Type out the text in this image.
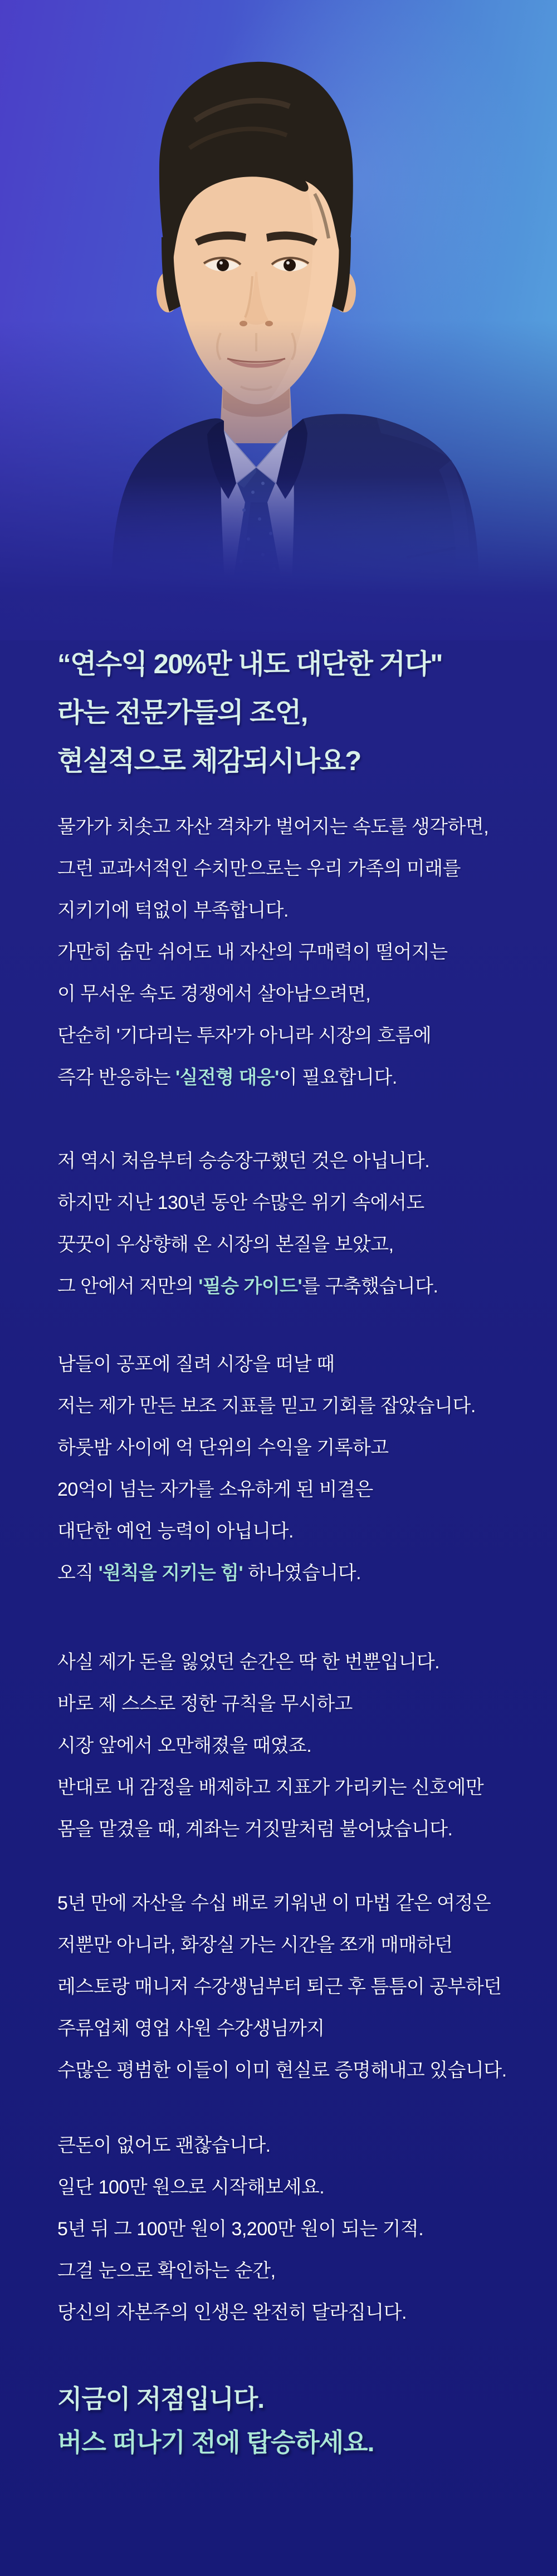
“연수익 20%만 내도 대단한 거다"
라는 전문가들의 조언,
현실적으로 체감되시나요?
물가가 치솟고 자산 격차가 벌어지는 속도를 생각하면,
그런 교과서적인 수치만으로는 우리 가족의 미래를
지키기에 턱없이 부족합니다.
가만히 숨만 쉬어도 내 자산의 구매력이 떨어지는
이 무서운 속도 경쟁에서 살아남으려면,
단순히 '기다리는 투자'가 아니라 시장의 흐름에
즉각 반응하는 '실전형 대응'이 필요합니다.
저 역시 처음부터 승승장구했던 것은 아닙니다.
하지만 지난 130년 동안 수많은 위기 속에서도
꿋꿋이 우상향해 온 시장의 본질을 보았고,
그 안에서 저만의 '필승 가이드'를 구축했습니다.
남들이 공포에 질려 시장을 떠날 때
저는 제가 만든 보조 지표를 믿고 기회를 잡았습니다.
하룻밤 사이에 억 단위의 수익을 기록하고
20억이 넘는 자가를 소유하게 된 비결은
대단한 예언 능력이 아닙니다.
오직 '원칙을 지키는 힘' 하나였습니다.
사실 제가 돈을 잃었던 순간은 딱 한 번뿐입니다.
바로 제 스스로 정한 규칙을 무시하고
시장 앞에서 오만해졌을 때였죠.
반대로 내 감정을 배제하고 지표가 가리키는 신호에만
몸을 맡겼을 때, 계좌는 거짓말처럼 불어났습니다.
5년 만에 자산을 수십 배로 키워낸 이 마법 같은 여정은
저뿐만 아니라, 화장실 가는 시간을 쪼개 매매하던
레스토랑 매니저 수강생님부터 퇴근 후 틈틈이 공부하던
주류업체 영업 사원 수강생님까지
수많은 평범한 이들이 이미 현실로 증명해내고 있습니다.
큰돈이 없어도 괜찮습니다.
일단 100만 원으로 시작해보세요.
5년 뒤 그 100만 원이 3,200만 원이 되는 기적.
그걸 눈으로 확인하는 순간,
당신의 자본주의 인생은 완전히 달라집니다.
지금이 저점입니다.
버스 떠나기 전에 탑승하세요.
